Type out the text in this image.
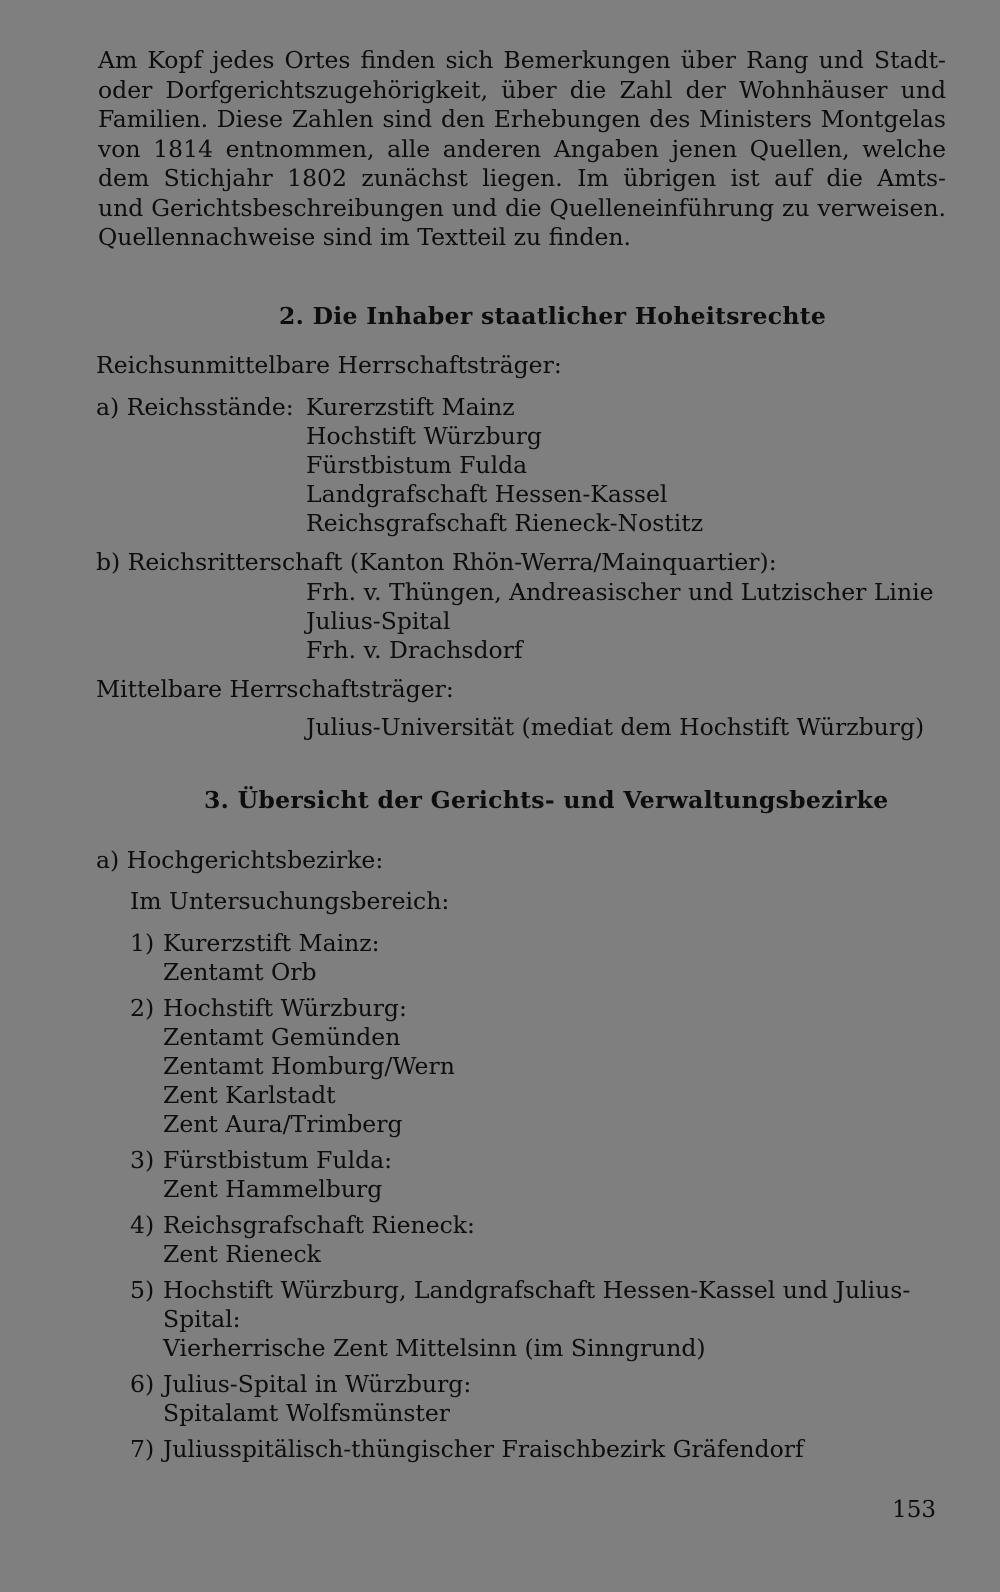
Am Kopf jedes Ortes finden sich Bemerkungen über Rang und Stadt-
oder Dorfgerichtszugehörigkeit, über die Zahl der Wohnhäuser und
Familien. Diese Zahlen sind den Erhebungen des Ministers Montgelas
von 1814 entnommen, alle anderen Angaben jenen Quellen, welche
dem Stichjahr 1802 zunächst liegen. Im übrigen ist auf die Amts-
und Gerichtsbeschreibungen und die Quelleneinführung zu verweisen.
Quellennachweise sind im Textteil zu finden.
2. Die Inhaber staatlicher Hoheitsrechte
Reichsunmittelbare Herrschaftsträger:
a) Reichsstände: Kurerzstift Mainz
Hochstift Würzburg
Fürstbistum Fulda
Landgrafschaft Hessen-Kassel
Reichsgrafschaft Rieneck-Nostitz
b) Reichsritterschaft (Kanton Rhön-Werra/Mainquartier):
Frh. v. Thüngen, Andreasischer und Lutzischer Linie
Julius-Spital
Frh. v. Drachsdorf
Mittelbare Herrschaftsträger:
Julius-Universität (mediat dem Hochstift Würzburg)
3. Übersicht der Gerichts- und Verwaltungsbezirke
a) Hochgerichtsbezirke:
Im Untersuchungsbereich:
1) Kurerzstift Mainz:
Zentamt Orb
2) Hochstift Würzburg:
Zentamt Gemünden
Zentamt Homburg/Wern
Zent Karlstadt
Zent Aura/Trimberg
3) Fürstbistum Fulda:
Zent Hammelburg
4) Reichsgrafschaft Rieneck:
Zent Rieneck
5) Hochstift Würzburg, Landgrafschaft Hessen-Kassel und Julius-
Spital:
Vierherrische Zent Mittelsinn (im Sinngrund)
6) Julius-Spital in Würzburg:
Spitalamt Wolfsmünster
7) Juliusspitälisch-thüngischer Fraischbezirk Gräfendorf
153
